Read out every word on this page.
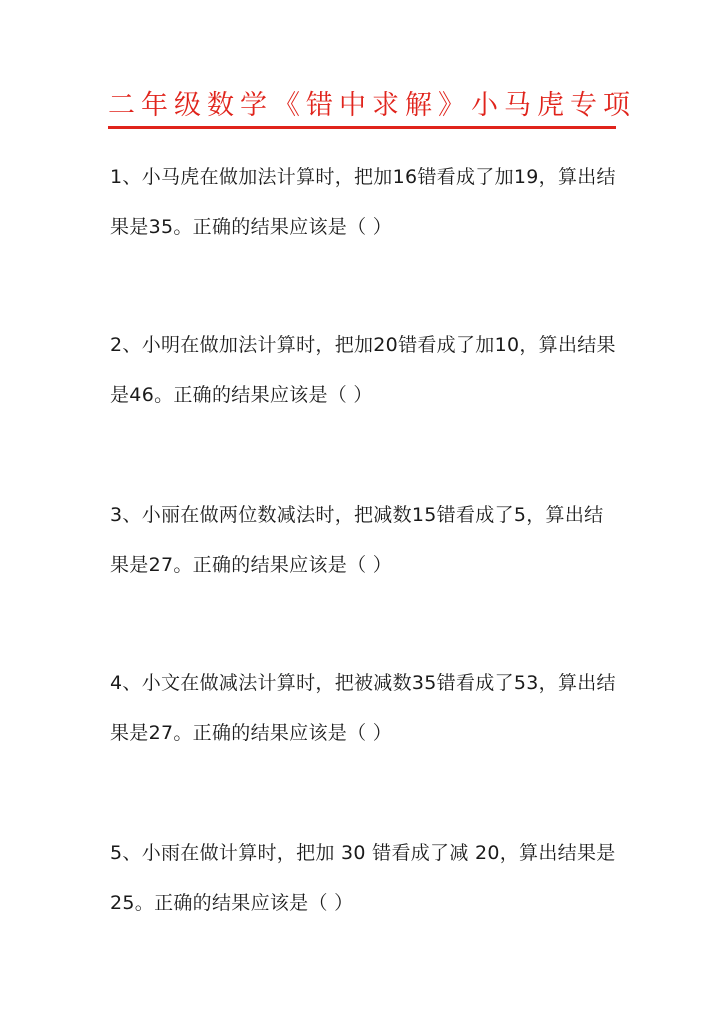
二年级数学《错中求解》小马虎专项
1、小马虎在做加法计算时，把加16错看成了加19，算出结
果是35。正确的结果应该是（ ）
2、小明在做加法计算时，把加20错看成了加10，算出结果
是46。正确的结果应该是（ ）
3、小丽在做两位数减法时，把减数15错看成了5，算出结
果是27。正确的结果应该是（ ）
4、小文在做减法计算时，把被减数35错看成了53，算出结
果是27。正确的结果应该是（ ）
5、小雨在做计算时，把加 30 错看成了减 20，算出结果是
25。正确的结果应该是（ ）
